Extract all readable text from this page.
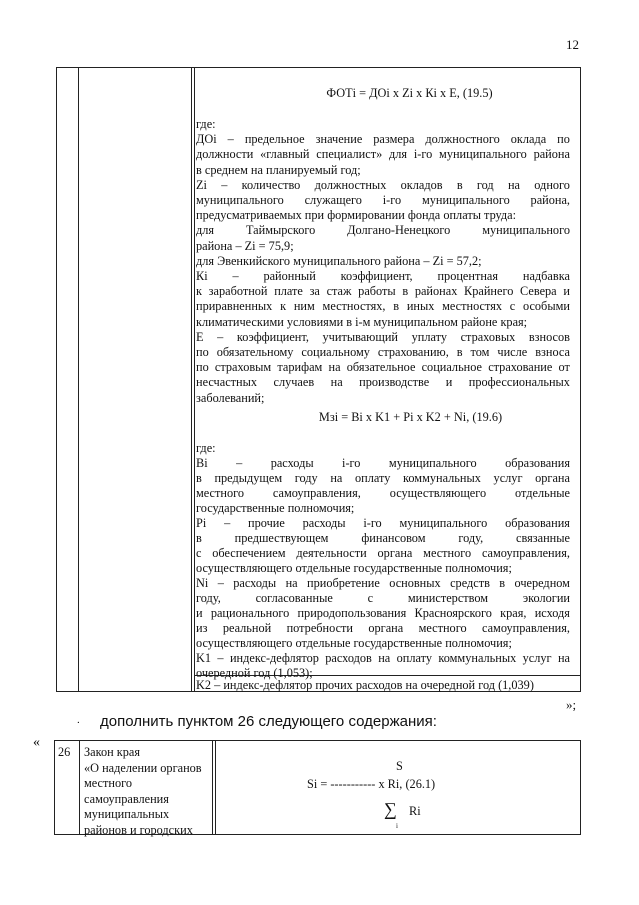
12
ФОТi = ДОi х Zi x Кi x E, (19.5)
где:
ДОi – предельное значение размера должностного оклада по
должности «главный специалист» для i-го муниципального района
в среднем на планируемый год;
Zi – количество должностных окладов в год на одного
муниципального служащего i-го муниципального района,
предусматриваемых при формировании фонда оплаты труда:
для	Таймырского	Долгано-Ненецкого	муниципального
района – Zi = 75,9;
для Эвенкийского муниципального района – Zi = 57,2;
Кi – районный коэффициент, процентная надбавка
к заработной плате за стаж работы в районах Крайнего Севера и
приравненных к ним местностях, в иных местностях с особыми
климатическими условиями в i-м муниципальном районе края;
Е – коэффициент, учитывающий уплату страховых взносов
по обязательному социальному страхованию, в том числе взноса
по страховым тарифам на обязательное социальное страхование от
несчастных случаев на производстве и профессиональных
заболеваний;
Мзi = Вi x K1 + Рi x K2 + Ni, (19.6)
где:
Вi – расходы i-го муниципального образования
в предыдущем году на оплату коммунальных услуг органа
местного самоуправления, осуществляющего отдельные
государственные полномочия;
Рi – прочие расходы i-го муниципального образования
в	предшествующем	финансовом	году,	связанные
с обеспечением деятельности органа местного самоуправления,
осуществляющего отдельные государственные полномочия;
Ni – расходы на приобретение основных средств в очередном
году,	согласованные	с	министерством	экологии
и рационального природопользования Красноярского края, исходя
из реальной потребности органа местного самоуправления,
осуществляющего отдельные государственные полномочия;
K1 – индекс-дефлятор расходов на оплату коммунальных услуг на
очередной год (1,053);
K2 – индекс-дефлятор прочих расходов на очередной год (1,039)
»;
. дополнить пунктом 26 следующего содержания:
«
26 Закон края
«О наделении органов
местного
самоуправления
муниципальных
районов и городских
S
Si = ----------- x Ri, (26.1)
∑ Ri
i
